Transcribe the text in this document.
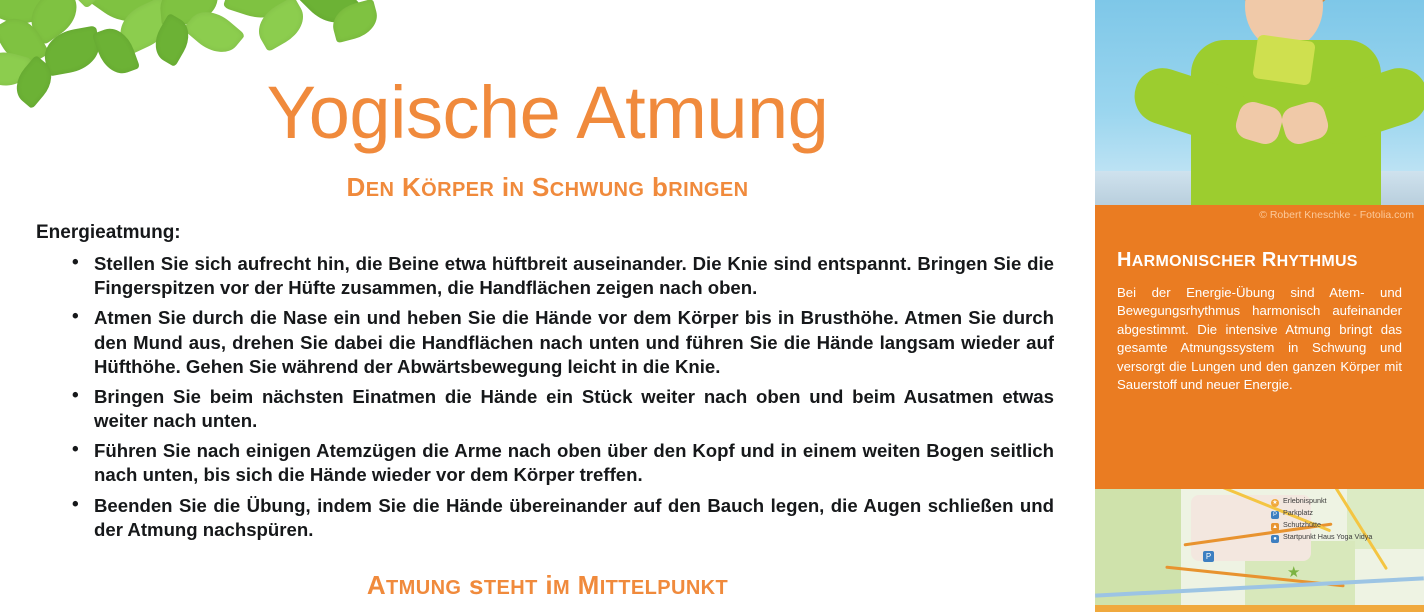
Yogische Atmung
DEN KÖRPER iN SCHWUNG bRINGEN
Energieatmung:
• Stellen Sie sich aufrecht hin, die Beine etwa hüftbreit auseinander. Die Knie sind entspannt. Bringen Sie die Fingerspitzen vor der Hüfte zusammen, die Handflächen zeigen nach oben.
• Atmen Sie durch die Nase ein und heben Sie die Hände vor dem Körper bis in Brusthöhe. Atmen Sie durch den Mund aus, drehen Sie dabei die Handflächen nach unten und führen Sie die Hände langsam wieder auf Hüfthöhe. Gehen Sie während der Abwärtsbewegung leicht in die Knie.
• Bringen Sie beim nächsten Einatmen die Hände ein Stück weiter nach oben und beim Ausatmen etwas weiter nach unten.
• Führen Sie nach einigen Atemzügen die Arme nach oben über den Kopf und in einem weiten Bogen seitlich nach unten, bis sich die Hände wieder vor dem Körper treffen.
• Beenden Sie die Übung, indem Sie die Hände übereinander auf den Bauch legen, die Augen schließen und der Atmung nachspüren.
ATMUNG sTEHT iM MITTELPUNKT
© Robert Kneschke - Fotolia.com
HARMONISCHER RHYTHMUS
Bei der Energie-Übung sind Atem- und Bewegungsrhythmus harmonisch aufeinander abgestimmt. Die intensive Atmung bringt das gesamte Atmungssystem in Schwung und versorgt die Lungen und den ganzen Körper mit Sauerstoff und neuer Energie.
P
★
★ Erlebnispunkt
P Parkplatz
▲ Schutzhütte
● Startpunkt Haus Yoga Vidya
